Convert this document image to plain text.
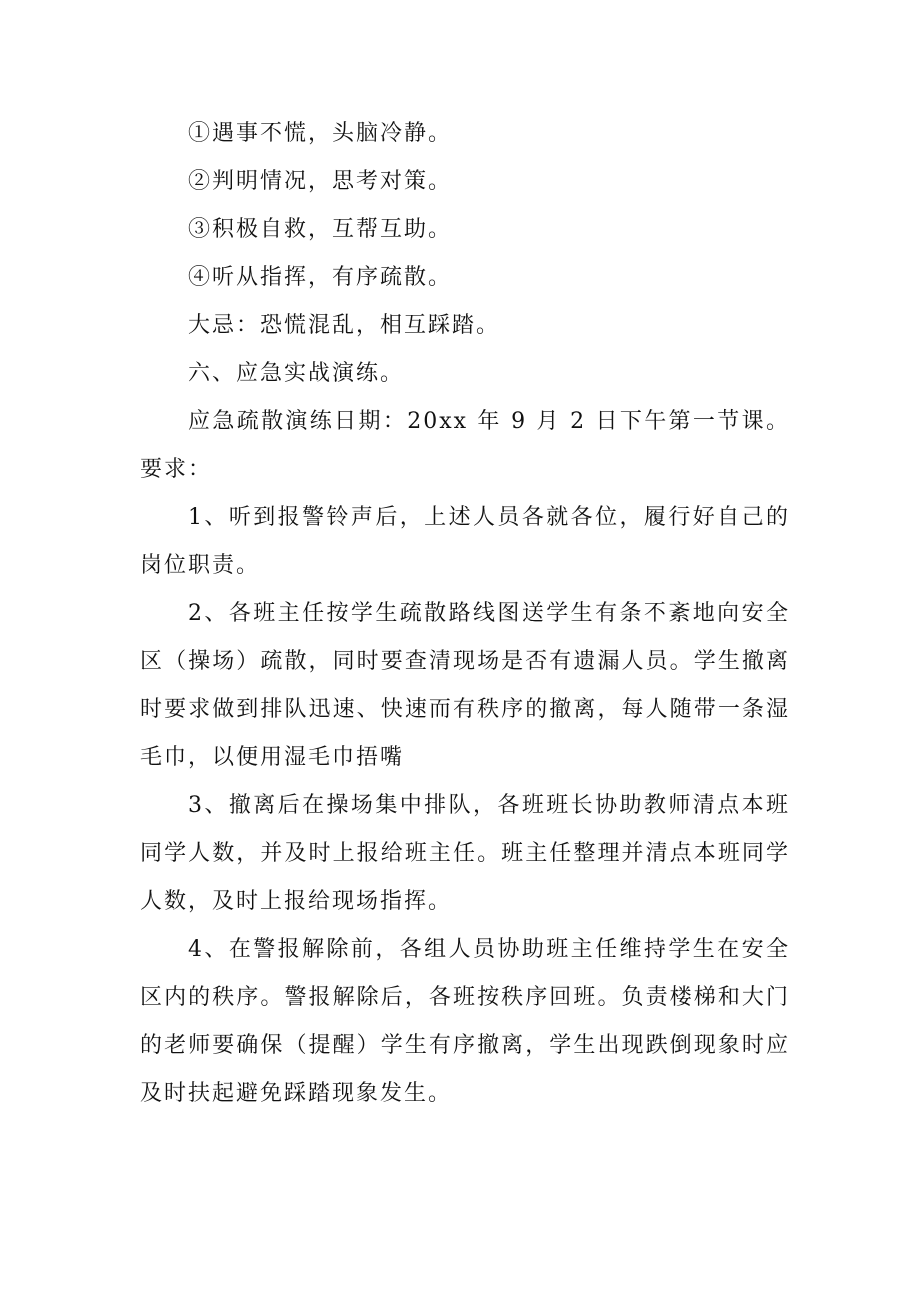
①遇事不慌，头脑冷静。

②判明情况，思考对策。

③积极自救，互帮互助。

④听从指挥，有序疏散。

大忌：恐慌混乱，相互踩踏。

六、应急实战演练。

应急疏散演练日期：20xx 年 9 月 2 日下午第一节课。要求：

1、听到报警铃声后，上述人员各就各位，履行好自己的岗位职责。

2、各班主任按学生疏散路线图送学生有条不紊地向安全区（操场）疏散，同时要查清现场是否有遗漏人员。学生撤离时要求做到排队迅速、快速而有秩序的撤离，每人随带一条湿毛巾，以便用湿毛巾捂嘴

3、撤离后在操场集中排队，各班班长协助教师清点本班同学人数，并及时上报给班主任。班主任整理并清点本班同学人数，及时上报给现场指挥。

4、在警报解除前，各组人员协助班主任维持学生在安全区内的秩序。警报解除后，各班按秩序回班。负责楼梯和大门的老师要确保（提醒）学生有序撤离，学生出现跌倒现象时应及时扶起避免踩踏现象发生。
